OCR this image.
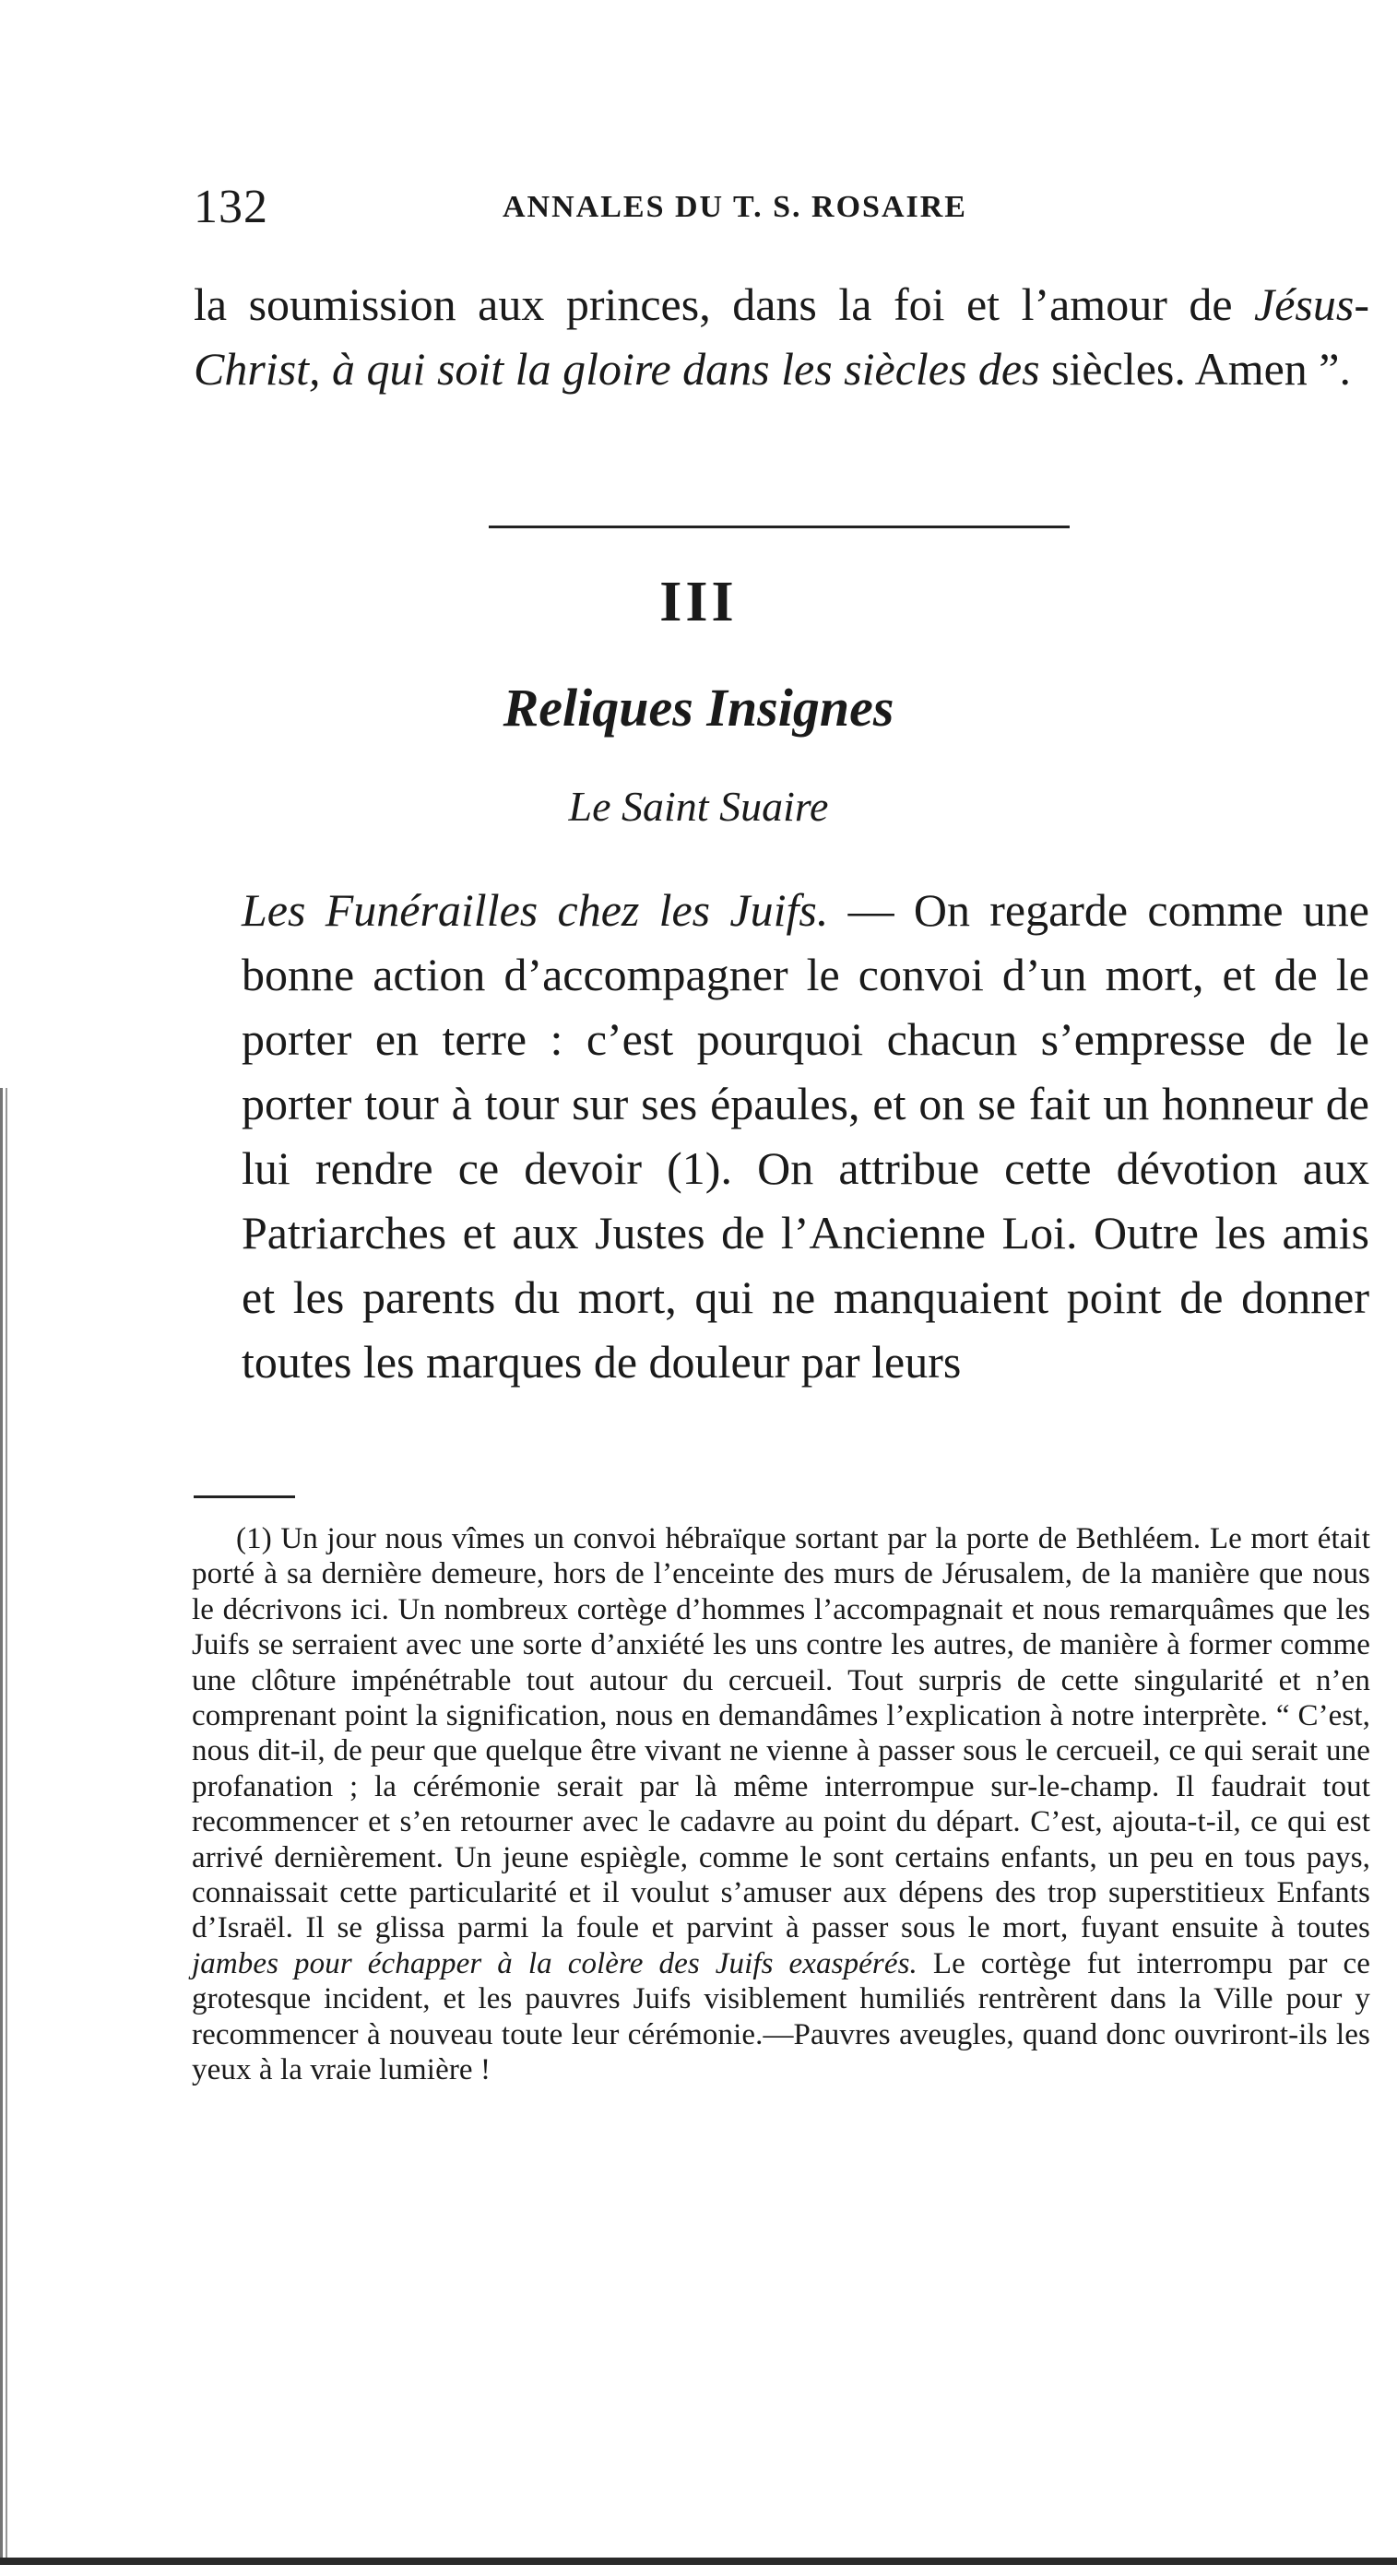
132	ANNALES DU T. S. ROSAIRE

la soumission aux princes, dans la foi et l’amour de Jésus-Christ, à qui soit la gloire dans les siècles des siècles. Amen ”.

III
Reliques Insignes
Le Saint Suaire

Les Funérailles chez les Juifs. — On regarde comme une bonne action d’accompagner le convoi d’un mort, et de le porter en terre : c’est pourquoi chacun s’empresse de le porter tour à tour sur ses épaules, et on se fait un honneur de lui rendre ce devoir (1). On attribue cette dévotion aux Patriarches et aux Justes de l’Ancienne Loi. Outre les amis et les parents du mort, qui ne manquaient point de donner toutes les marques de douleur par leurs

(1) Un jour nous vîmes un convoi hébraïque sortant par la porte de Bethléem. Le mort était porté à sa dernière demeure, hors de l’enceinte des murs de Jérusalem, de la manière que nous le décrivons ici. Un nombreux cortège d’hommes l’accompagnait et nous remarquâmes que les Juifs se serraient avec une sorte d’anxiété les uns contre les autres, de manière à former comme une clôture impénétrable tout autour du cercueil. Tout surpris de cette singularité et n’en comprenant point la signification, nous en demandâmes l’explication à notre interprète. “ C’est, nous dit-il, de peur que quelque être vivant ne vienne à passer sous le cercueil, ce qui serait une profanation ; la cérémonie serait par là même interrompue sur-le-champ. Il faudrait tout recommencer et s’en retourner avec le cadavre au point du départ. C’est, ajouta-t-il, ce qui est arrivé dernièrement. Un jeune espiègle, comme le sont certains enfants, un peu en tous pays, connaissait cette particularité et il voulut s’amuser aux dépens des trop superstitieux Enfants d’Israël. Il se glissa parmi la foule et parvint à passer sous le mort, fuyant ensuite à toutes jambes pour échapper à la colère des Juifs exaspérés. Le cortège fut interrompu par ce grotesque incident, et les pauvres Juifs visiblement humiliés rentrèrent dans la Ville pour y recommencer à nouveau toute leur cérémonie.—Pauvres aveugles, quand donc ouvriront-ils les yeux à la vraie lumière !
